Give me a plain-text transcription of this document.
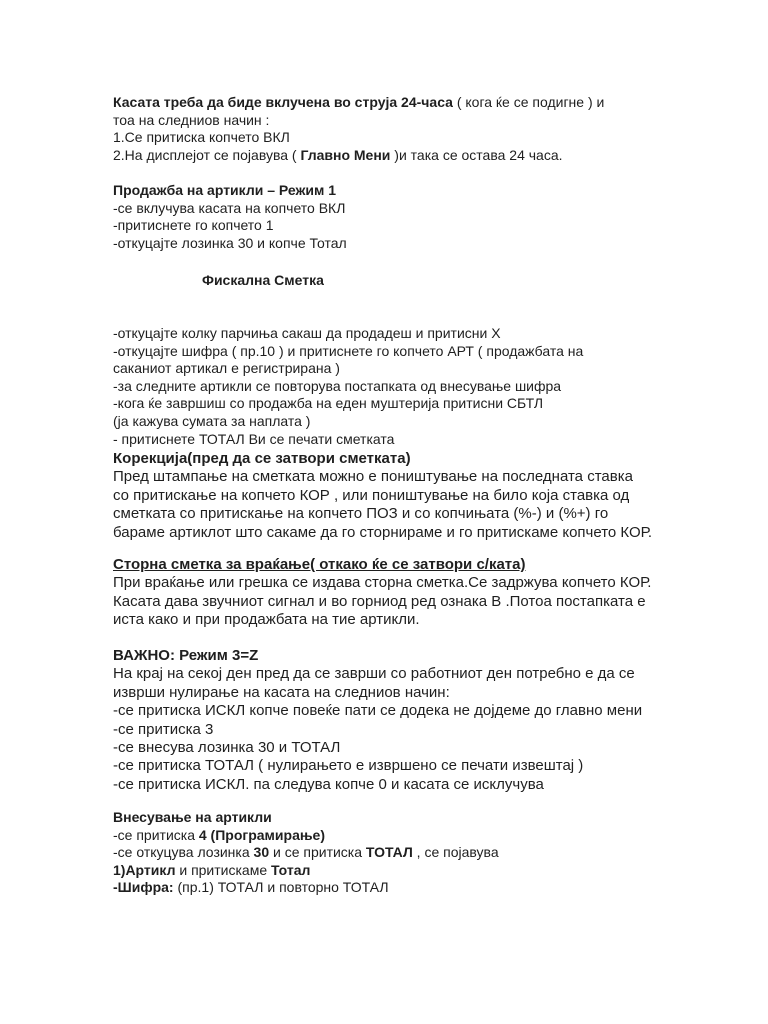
Касата треба да биде вклучена во струја 24-часа ( кога ќе се подигне ) и
тоа на следниов начин :
1.Се притиска копчето ВКЛ
2.На дисплејот се појавува ( Главно Мени )и така се остава 24 часа.
Продажба на артикли – Режим 1
-се вклучува касата на копчето ВКЛ
-притиснете го копчето 1
-откуцајте лозинка 30 и копче Тотал
Фискална Сметка
-откуцајте колку парчиња сакаш да продадеш и притисни Х
-откуцајте шифра ( пр.10 ) и притиснете го копчето АРТ ( продажбата на
саканиот артикал е регистрирана )
-за следните артикли се повторува постапката од внесување шифра
-кога ќе завршиш со продажба на еден муштерија притисни СБТЛ
(ја кажува сумата за наплата )
- притиснете ТОТАЛ Ви се печати сметката
Корекција(пред да се затвори сметката)
Пред штампање на сметката можно е поништување на последната ставка
со притискање на копчето КОР , или поништување на било која ставка од
сметката со притискање на копчето ПОЗ и со копчињата (%-) и (%+) го
бараме артиклот што сакаме да го сторнираме и го притискаме копчето КОР.
Сторна сметка за враќање( откако ќе се затвори с/ката)
При враќање или грешка се издава сторна сметка.Се задржува копчето КОР.
Касата дава звучниот сигнал и во горниод ред ознака В .Потоа постапката е
иста како и при продажбата на тие артикли.
ВАЖНО: Режим 3=Z
На крај на секој ден пред да се заврши со работниот ден потребно е да се
изврши нулирање на касата на следниов начин:
-се притиска ИСКЛ копче повеќе пати се додека не дојдеме до главно мени
-се притиска 3
-се внесува лозинка 30 и ТОТАЛ
-се притиска ТОТАЛ ( нулирањето е извршено се печати извештај )
-се притиска ИСКЛ. па следува копче 0 и касата се исклучува
Внесување на артикли
-се притиска 4 (Програмирање)
-се откуцува лозинка 30 и се притиска ТОТАЛ , се појавува
1)Артикл и притискаме Тотал
-Шифра: (пр.1) ТОТАЛ и повторно ТОТАЛ
